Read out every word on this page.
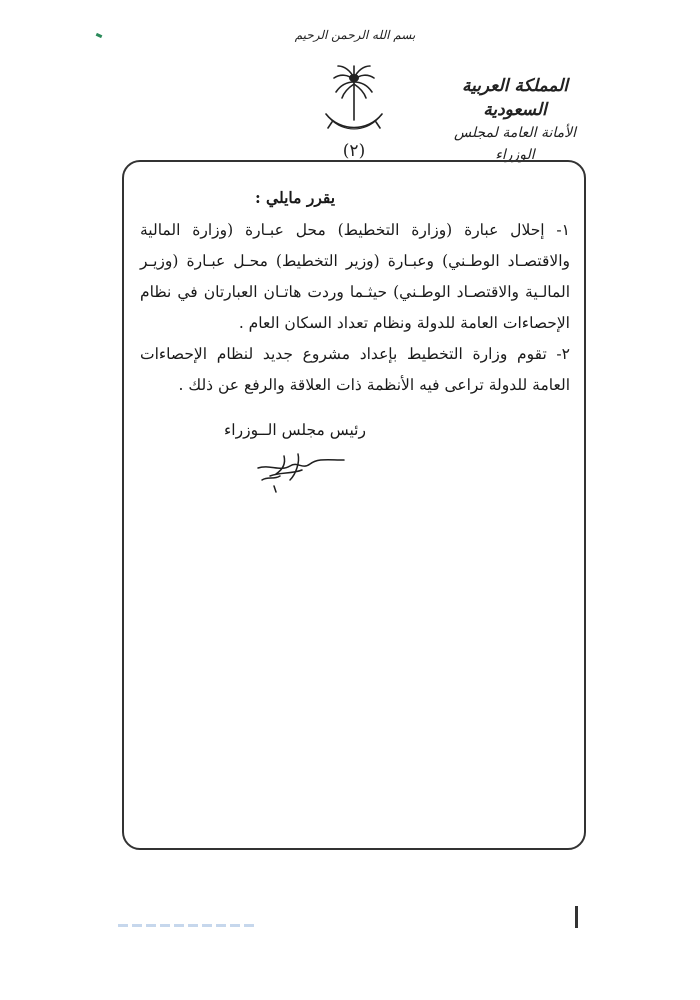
بسم الله الرحمن الرحيم
(٢)
المملكة العربية السعودية
الأمانة العامة لمجلس الوزراء
يقرر مايلي :
١- إحلال عبارة (وزارة التخطيط) محل عبـارة (وزارة المالية والاقتصـاد الوطـني) وعبـارة (وزير التخطيط) محـل عبـارة (وزيـر المالـية والاقتصـاد الوطـني) حيثـما وردت هاتـان العبارتان في نظام الإحصاءات العامة للدولة ونظام تعداد السكان العام .
٢- تقوم وزارة التخطيط بإعداد مشروع جديد لنظام الإحصاءات العامة للدولة تراعى فيه الأنظمة ذات العلاقة والرفع عن ذلك .
رئيس مجلس الــوزراء
